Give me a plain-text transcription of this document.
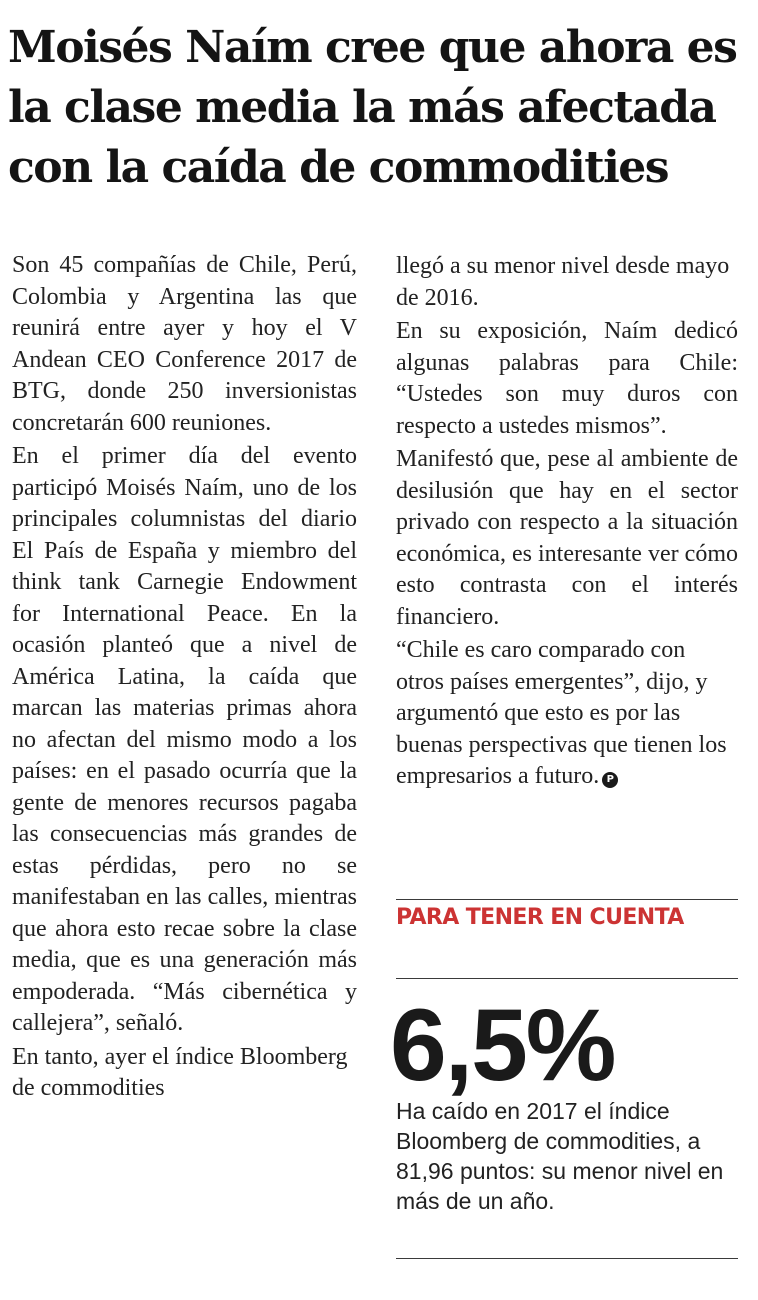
Moisés Naím cree que ahora es la clase media la más afectada con la caída de commodities

Son 45 compañías de Chile, Perú, Colombia y Argentina las que reunirá entre ayer y hoy el V Andean CEO Conference 2017 de BTG, donde 250 inversionistas concretarán 600 reuniones.

En el primer día del evento participó Moisés Naím, uno de los principales columnistas del diario El País de España y miembro del think tank Carnegie Endowment for International Peace. En la ocasión planteó que a nivel de América Latina, la caída que marcan las materias primas ahora no afectan del mismo modo a los países: en el pasado ocurría que la gente de menores recursos pagaba las consecuencias más grandes de estas pérdidas, pero no se manifestaban en las calles, mientras que ahora esto recae sobre la clase media, que es una generación más empoderada. “Más cibernética y callejera”, señaló.

En tanto, ayer el índice Bloomberg de commodities

llegó a su menor nivel desde mayo de 2016.

En su exposición, Naím dedicó algunas palabras para Chile: “Ustedes son muy duros con respecto a ustedes mismos”.

Manifestó que, pese al ambiente de desilusión que hay en el sector privado con respecto a la situación económica, es interesante ver cómo esto contrasta con el interés financiero.

“Chile es caro comparado con otros países emergentes”, dijo, y argumentó que esto es por las buenas perspectivas que tienen los empresarios a futuro. P

PARA TENER EN CUENTA
6,5%
Ha caído en 2017 el índice Bloomberg de commodities, a 81,96 puntos: su menor nivel en más de un año.
